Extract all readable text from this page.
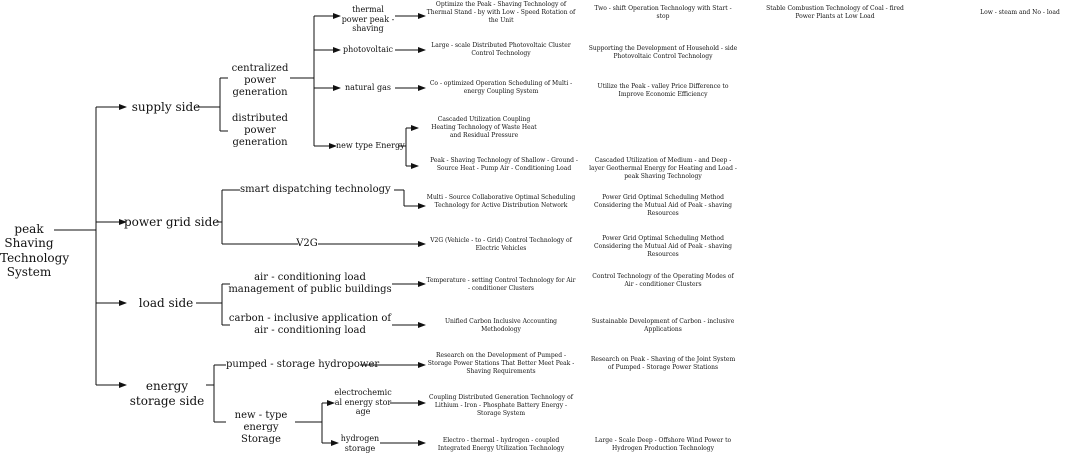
peak Shaving Technology System
supply side
power grid side
load side
energy storage side
centralized power generation
distributed power generation
smart dispatching technology
V2G
air - conditioning load management of public buildings
carbon - inclusive application of air - conditioning load
pumped - storage hydropower
new - type energy Storage
thermal power peak - shaving
photovoltaic
natural gas
new type Energy
electrochemical energy storage
hydrogen storage
Optimize the Peak - Shaving Technology of Thermal Stand - by with Low - Speed Rotation of the Unit
Large - scale Distributed Photovoltaic Cluster Control Technology
Co - optimized Operation Scheduling of Multi - energy Coupling System
Cascaded Utilization Coupling Heating Technology of Waste Heat and Residual Pressure
Peak - Shaving Technology of Shallow - Ground - Source Heat - Pump Air - Conditioning Load
Multi - Source Collaborative Optimal Scheduling Technology for Active Distribution Network
V2G (Vehicle - to - Grid) Control Technology of Electric Vehicles
Temperature - setting Control Technology for Air - conditioner Clusters
Unified Carbon Inclusive Accounting Methodology
Research on the Development of Pumped - Storage Power Stations That Better Meet Peak - Shaving Requirements
Coupling Distributed Generation Technology of Lithium - Iron - Phosphate Battery Energy - Storage System
Electro - thermal - hydrogen - coupled Integrated Energy Utilization Technology
Two - shift Operation Technology with Start - stop
Supporting the Development of Household - side Photovoltaic Control Technology
Utilize the Peak - valley Price Difference to Improve Economic Efficiency
Cascaded Utilization of Medium - and Deep - layer Geothermal Energy for Heating and Load - peak Shaving Technology
Power Grid Optimal Scheduling Method Considering the Mutual Aid of Peak - shaving Resources
Power Grid Optimal Scheduling Method Considering the Mutual Aid of Peak - shaving Resources
Control Technology of the Operating Modes of Air - conditioner Clusters
Sustainable Development of Carbon - inclusive Applications
Research on Peak - Shaving of the Joint System of Pumped - Storage Power Stations
Large - Scale Deep - Offshore Wind Power to Hydrogen Production Technology
Stable Combustion Technology of Coal - fired Power Plants at Low Load
Low - steam and No - load
